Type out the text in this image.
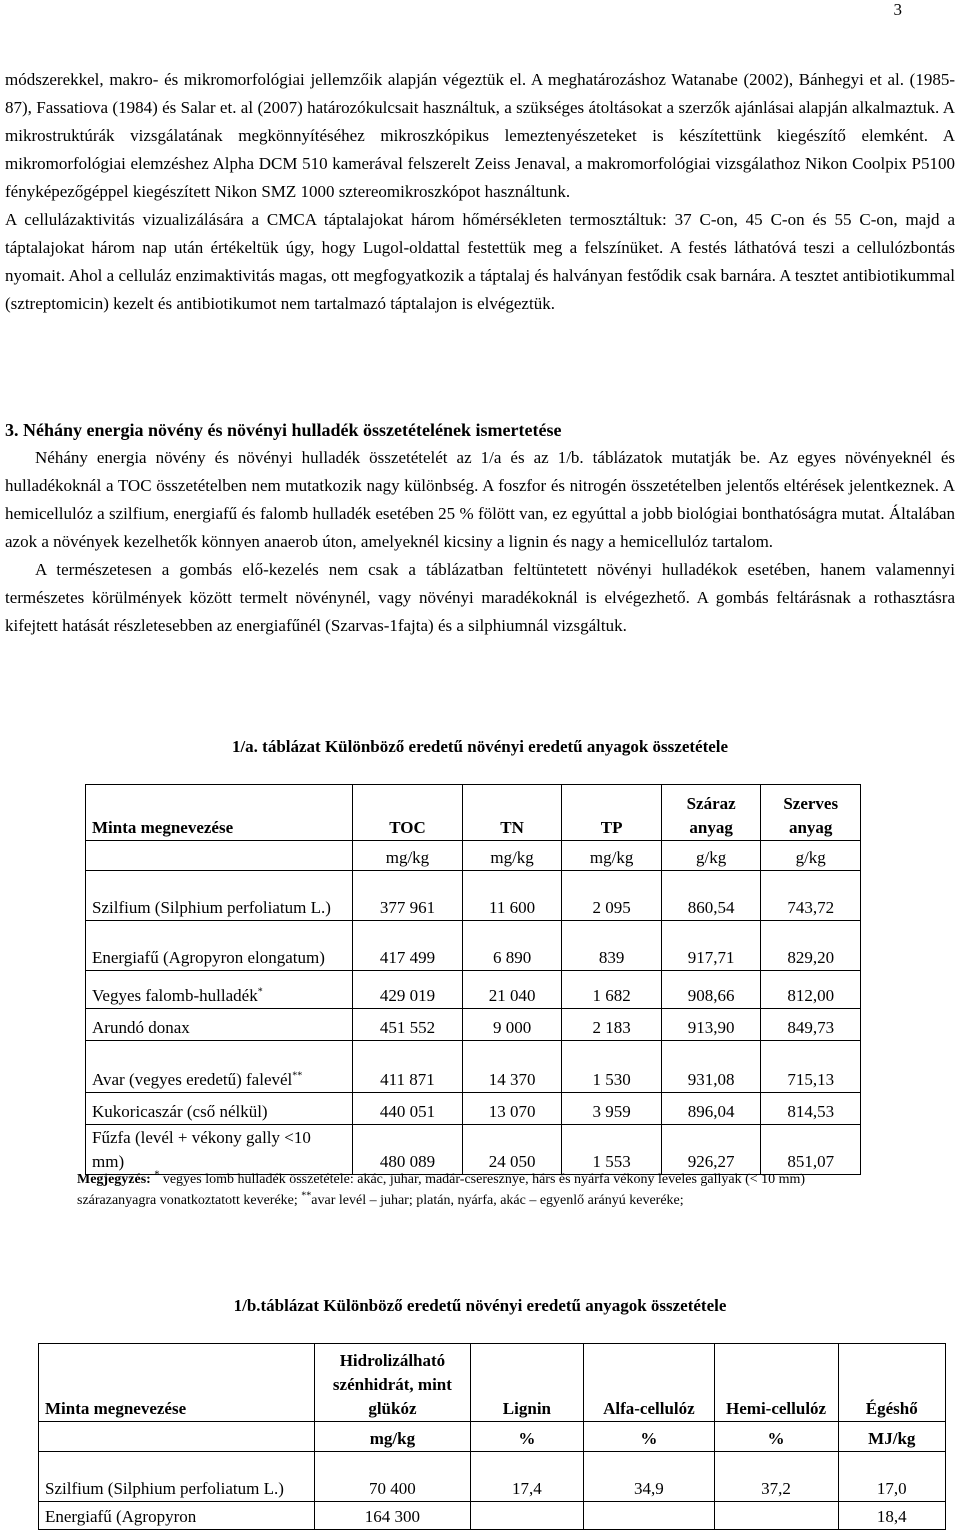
3

módszerekkel, makro- és mikromorfológiai jellemzőik alapján végeztük el. A meghatározáshoz Watanabe (2002), Bánhegyi et al. (1985-87), Fassatiova (1984) és Salar et. al (2007) határozókulcsait használtuk, a szükséges átoltásokat a szerzők ajánlásai alapján alkalmaztuk. A mikrostruktúrák vizsgálatának megkönnyítéséhez mikroszkópikus lemeztenyészeteket is készítettünk kiegészítő elemként. A mikromorfológiai elemzéshez Alpha DCM 510 kamerával felszerelt Zeiss Jenaval, a makromorfológiai vizsgálathoz Nikon Coolpix P5100 fényképezőgéppel kiegészített Nikon SMZ 1000 sztereomikroszkópot használtunk.

A cellulázaktivitás vizualizálására a CMCA táptalajokat három hőmérsékleten termosztáltuk: 37 C-on, 45 C-on és 55 C-on, majd a táptalajokat három nap után értékeltük úgy, hogy Lugol-oldattal festettük meg a felszínüket. A festés láthatóvá teszi a cellulózbontás nyomait. Ahol a celluláz enzimaktivitás magas, ott megfogyatkozik a táptalaj és halványan festődik csak barnára. A tesztet antibiotikummal (sztreptomicin) kezelt és antibiotikumot nem tartalmazó táptalajon is elvégeztük.

3. Néhány energia növény és növényi hulladék összetételének ismertetése

Néhány energia növény és növényi hulladék összetételét az 1/a és az 1/b. táblázatok mutatják be. Az egyes növényeknél és hulladékoknál a TOC összetételben nem mutatkozik nagy különbség. A foszfor és nitrogén összetételben jelentős eltérések jelentkeznek. A hemicellulóz a szilfium, energiafű és falomb hulladék esetében 25 % fölött van, ez egyúttal a jobb biológiai bonthatóságra mutat. Általában azok a növények kezelhetők könnyen anaerob úton, amelyeknél kicsiny a lignin és nagy a hemicellulóz tartalom.

A természetesen a gombás elő-kezelés nem csak a táblázatban feltüntetett növényi hulladékok esetében, hanem valamennyi természetes körülmények között termelt növénynél, vagy növényi maradékoknál is elvégezhető. A gombás feltárásnak a rothasztásra kifejtett hatását részletesebben az energiafűnél (Szarvas-1fajta) és a silphiumnál vizsgáltuk.

1/a. táblázat Különböző eredetű növényi eredetű anyagok összetétele
Minta megnevezése	TOC	TN	TP	Száraz anyag	Szerves anyag
	mg/kg	mg/kg	mg/kg	g/kg	g/kg
Szilfium (Silphium perfoliatum L.)	377 961	11 600	2 095	860,54	743,72
Energiafű (Agropyron elongatum)	417 499	6 890	839	917,71	829,20
Vegyes falomb-hulladék*	429 019	21 040	1 682	908,66	812,00
Arundó donax	451 552	9 000	2 183	913,90	849,73
Avar (vegyes eredetű) falevél**	411 871	14 370	1 530	931,08	715,13
Kukoricaszár (cső nélkül)	440 051	13 070	3 959	896,04	814,53
Fűzfa (levél + vékony gally <10 mm)	480 089	24 050	1 553	926,27	851,07
Megjegyzés: * vegyes lomb hulladék összetétele: akác, juhar, madár-cseresznye, hárs és nyárfa vékony leveles gallyak (< 10 mm) szárazanyagra vonatkoztatott keveréke; **avar levél – juhar; platán, nyárfa, akác – egyenlő arányú keveréke;
1/b.táblázat Különböző eredetű növényi eredetű anyagok összetétele
Minta megnevezése	Hidrolizálható szénhidrát, mint glükóz	Lignin	Alfa-cellulóz	Hemi-cellulóz	Égéshő
	mg/kg	%	%	%	MJ/kg
Szilfium (Silphium perfoliatum L.)	70 400	17,4	34,9	37,2	17,0
Energiafű (Agropyron	164 300				18,4
